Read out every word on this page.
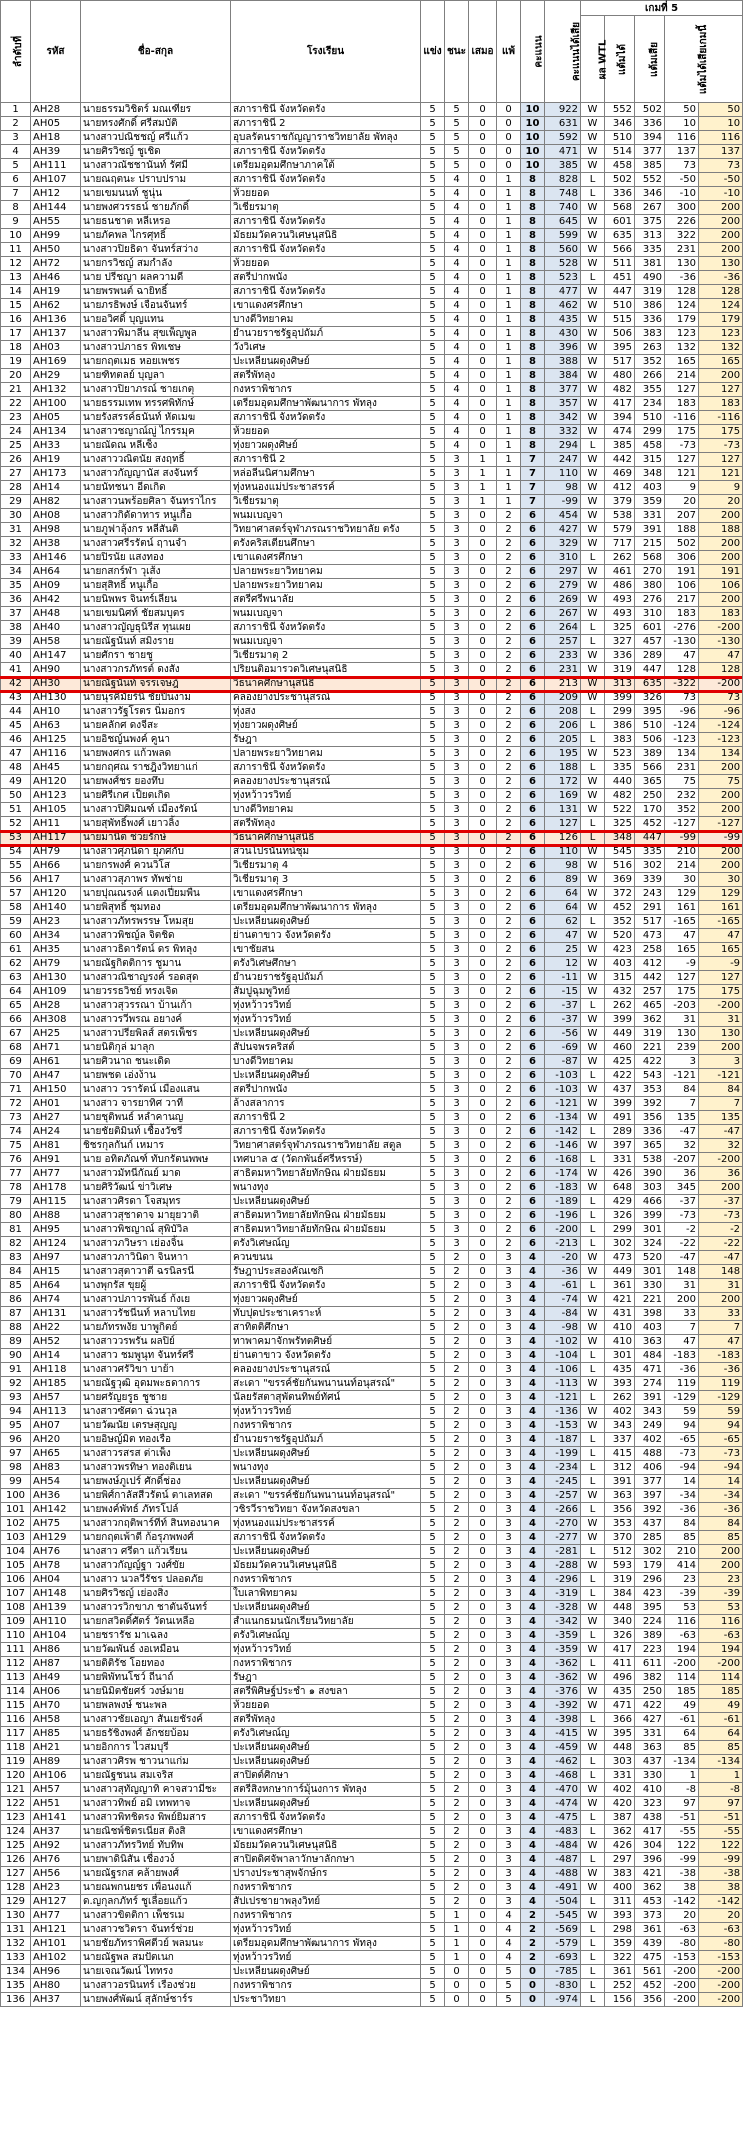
ลำดับที่	รหัส	ชื่อ-สกุล	โรงเรียน	แข่ง	ชนะ	เสมอ	แพ้	คะแนน	คะแนนได้เสีย	เกมที่ 5				
										ผล WTL	แต้มได้	แต้มเสีย	แต้มได้เสียเกมนี้	
1	AH28	นายธรรมวิชิตร์ มณเฑียร	สภาราชินี จังหวัดตรัง	5	5	0	0	10	922	W	552	502	50	50
2	AH05	นายทรงศักดิ์ ศรีสมบัติ	สภาราชินี 2	5	5	0	0	10	631	W	346	336	10	10
3	AH18	นางสาวปณิชชญ์ ศรีแก้ว	อุบลรัตนราชกัญญาราชวิทยาลัย พัทลุง	5	5	0	0	10	592	W	510	394	116	116
4	AH39	นายศิรวิชญ์ ชูเชิด	สภาราชินี จังหวัดตรัง	5	5	0	0	10	471	W	514	377	137	137
5	AH111	นางสาวณัชชานันท์ รัศมี	เตรียมอุดมศึกษาภาคใต้	5	5	0	0	10	385	W	458	385	73	73
6	AH107	นายณฤตนะ ปราบปราม	สภาราชินี จังหวัดตรัง	5	4	0	1	8	828	L	502	552	-50	-50
7	AH12	นายเขมนนท์ ชูนุ่น	ห้วยยอด	5	4	0	1	8	748	L	336	346	-10	-10
8	AH144	นายพงศวรรธน์ ชายภักดิ์	วิเชียรมาตุ	5	4	0	1	8	740	W	568	267	300	200
9	AH55	นายธนชาต หลีเหรอ	สภาราชินี จังหวัดตรัง	5	4	0	1	8	645	W	601	375	226	200
10	AH99	นายภัคพล ไกรศุทธิ์	มัธยมวัดควนวิเศษนุสนิธิ	5	4	0	1	8	599	W	635	313	322	200
11	AH50	นางสาวปิยธิดา จันทร์สว่าง	สภาราชินี จังหวัดตรัง	5	4	0	1	8	560	W	566	335	231	200
12	AH72	นายกรวิชญ์ สมกำลัง	ห้วยยอด	5	4	0	1	8	528	W	511	381	130	130
13	AH46	นาย ปรีชญา ผลความดี	สตรีปากพนัง	5	4	0	1	8	523	L	451	490	-36	-36
14	AH19	นายพรพนต์ ฉายิทธิ์	สภาราชินี จังหวัดตรัง	5	4	0	1	8	477	W	447	319	128	128
15	AH62	นายภรธิพงษ์ เจือนจันทร์	เขาแดงศรศึกษา	5	4	0	1	8	462	W	510	386	124	124
16	AH136	นายอวิศดิ์ บุญแทน	บางดีวิทยาคม	5	4	0	1	8	435	W	515	336	179	179
17	AH137	นางสาวพิมาลีน สุขเพ็ญพูล	ยำนวยราชรัฐอุปถัมภ์	5	4	0	1	8	430	W	506	383	123	123
18	AH03	นางสาวปภาธร พิทเชษ	วังวิเศษ	5	4	0	1	8	396	W	395	263	132	132
19	AH169	นายกฤตเมธ หอยเพชร	ปะเหลียนผดุงศิษย์	5	4	0	1	8	388	W	517	352	165	165
20	AH29	นายฑิทตลย์ บุญลา	สตรีพัทลุง	5	4	0	1	8	384	W	480	266	214	200
21	AH132	นางสาวปิยาภรณ์ ชายเกตุ	กงหราพิชากร	5	4	0	1	8	377	W	482	355	127	127
22	AH100	นายธรรมเทพ ทรรศพิทักษ์	เตรียมอุดมศึกษาพัฒนาการ พัทลุง	5	4	0	1	8	357	W	417	234	183	183
23	AH05	นายรังสรรค์ธนันท์ หัดเมฆ	สภาราชินี จังหวัดตรัง	5	4	0	1	8	342	W	394	510	-116	-116
24	AH134	นางสาวชญาณ์ญู่ ไกรรมุค	ห้วยยอด	5	4	0	1	8	332	W	474	299	175	175
25	AH33	นายณัดณ หลีเซ็ง	ทุ่งยาวผดุงศิษย์	5	4	0	1	8	294	L	385	458	-73	-73
26	AH19	นางสาววณิตนัย สงฤทธิ์	สภาราชินี 2	5	3	1	1	7	247	W	442	315	127	127
27	AH173	นางสาวกัญญานัส สงจันทร์	หล่อลีนนิศามศึกษา	5	3	1	1	7	110	W	469	348	121	121
28	AH14	นายนัทชนา อีดเกิด	ทุ่งหนองแม่ประชาสรรค์	5	3	1	1	7	98	W	412	403	9	9
29	AH82	นางสาวนพร้อยศิลา จันทราไกร	วิเชียรมาตุ	5	3	1	1	7	-99	W	379	359	20	20
30	AH08	นางสาวกิดัดาทาร หนูเกื้อ	พนมเบญจา	5	3	0	2	6	454	W	538	331	207	200
31	AH98	นายภูฟาลุ้งกร หลีสันติ	วิทยาศาสตร์จุฬาภรณราชวิทยาลัย ตรัง	5	3	0	2	6	427	W	579	391	188	188
32	AH38	นางสาวศรีรรัตน์ ฤานจำ	ตรังคริสเตียนศึกษา	5	3	0	2	6	329	W	717	215	502	200
33	AH146	นายปิรนัย แสงทอง	เขาแดงศรศึกษา	5	3	0	2	6	310	L	262	568	306	200
34	AH64	นายกสกร์ฬา วุเส้ง	ปลายพระยาวิทยาคม	5	3	0	2	6	297	W	461	270	191	191
35	AH09	นายสุสิทธิ์ หนูเกื้อ	ปลายพระยาวิทยาคม	5	3	0	2	6	279	W	486	380	106	106
36	AH42	นายนิพพร จินทร์เลียน	สตรีศรีพนาลัย	5	3	0	2	6	269	W	493	276	217	200
37	AH48	นายเขมนิศท์ ชัยสมบุตร	พนมเบญจา	5	3	0	2	6	267	W	493	310	183	183
38	AH40	นางสาวญัญธุนิรีส ทุนเผย	สภาราชินี จังหวัดตรัง	5	3	0	2	6	264	L	325	601	-276	-200
39	AH58	นายณัฐนันท์ สมิงราย	พนมเบญจา	5	3	0	2	6	257	L	327	457	-130	-130
40	AH147	นายศักรา ชายชู	วิเชียรมาตุ 2	5	3	0	2	6	233	W	336	289	47	47
41	AH90	นางสาวกรภัทรต์ ดงสัง	ปริยนติอมารวดวิเศษนุสนิธิ	5	3	0	2	6	231	W	319	447	128	128
42	AH30	นายณัฐนันท์ จรรเจษฎ์	วิธนาคศึกษานุสนิธิ	5	3	0	2	6	213	W	313	635	-322	-200
43	AH130	นายนุรคิมัยร์นิ ชัยปิ่นงาม	คลองยางประชานุสรณ์	5	3	0	2	6	209	W	399	326	73	73
44	AH10	นางสาวรัฐโรตร นิ่มอกร	ทุ่งสง	5	3	0	2	6	208	L	299	395	-96	-96
45	AH63	นายคลักศ ดงจีสะ	ทุ่งยาวผดุงศิษย์	5	3	0	2	6	206	L	386	510	-124	-124
46	AH125	นายอิชญ์นพงค์ คูนา	รัษฎา	5	3	0	2	6	205	L	383	506	-123	-123
47	AH116	นายพงศกร แก้วพลด	ปลายพระยาวิทยาคม	5	3	0	2	6	195	W	523	389	134	134
48	AH45	นายกฤศณ ราชฎิงวิทยาแก่	สภาราชินี จังหวัดตรัง	5	3	0	2	6	188	L	335	566	231	200
49	AH120	นายพงศ์ชร ยองทึบ	คลองยางประชานุสรณ์	5	3	0	2	6	172	W	440	365	75	75
50	AH123	นายศิรีเกศ เป็ยตเกิด	ทุ่งหว้าวรวิทย์	5	3	0	2	6	169	W	482	250	232	200
51	AH105	นางสาวปิศิมณฑ์ เมืองรัตน์	บางดีวิทยาคม	5	3	0	2	6	131	W	522	170	352	200
52	AH11	นายสุพัทธิ์พงศ์ เยาวลิ้ง	สตรีพัทลุง	5	3	0	2	6	127	L	325	452	-127	-127
53	AH117	นายมานิต ช่วยรักษ์	วิธนาคศึกษานุสนิธิ	5	3	0	2	6	126	L	348	447	-99	-99
54	AH79	นางสาวศุภนิดา ยุภศกับ	สวนโปรนันทน์ชุม	5	3	0	2	6	110	W	545	335	210	200
55	AH66	นายกรพงศ์ ควนวิโส	วิเชียรมาตุ 4	5	3	0	2	6	98	W	516	302	214	200
56	AH17	นางสาวสุภาพร ทัพช่าย	วิเชียรมาตุ 3	5	3	0	2	6	89	W	369	339	30	30
57	AH120	นายปุณณรงค์ แดงเปี่ยมพืน	เขาแดงศรศึกษา	5	3	0	2	6	64	W	372	243	129	129
58	AH140	นายพิสุทธิ์ ชุมทอง	เตรียมอุดมศึกษาพัฒนาการ พัทลุง	5	3	0	2	6	64	W	452	291	161	161
59	AH23	นางสาวภัทรพรรษ โหมสุย	ปะเหลียนผดุงศิษย์	5	3	0	2	6	62	L	352	517	-165	-165
60	AH34	นางสาวพิชญ์ล จิตชิด	ย่านตาขาว จังหวัดตรัง	5	3	0	2	6	47	W	520	473	47	47
61	AH35	นางสาวธิดารัตน์ ดร พิทลุง	เขาชัยสน	5	3	0	2	6	25	W	423	258	165	165
62	AH79	นายณัฐกิตติการ ชูมาน	ตรังวิเศษศึกษา	5	3	0	2	6	12	W	403	412	-9	-9
63	AH130	นางสาวณิชาญรงค์ รอดสุด	ยำนวยราชรัฐอุปถัมภ์	5	3	0	2	6	-11	W	315	442	127	127
64	AH109	นายวรรธวิชย์ ทรงเจิด	สัมปูฉุมพูวิทย์	5	3	0	2	6	-15	W	432	257	175	175
65	AH28	นางสาวสุวรรณา บ้านเก้า	ทุ่งหว้าวรวิทย์	5	3	0	2	6	-37	L	262	465	-203	-200
66	AH308	นางสาวรวีพรณ อยางค์	ทุ่งหว้าวรวิทย์	5	3	0	2	6	-37	W	399	362	31	31
67	AH25	นางสาวปรียพิลส์ สตรเพ็ชร	ปะเหลียนผดุงศิษย์	5	3	0	2	6	-56	W	449	319	130	130
68	AH71	นายนิติกุล่ มาลุก	สัปนจพรคริสต์	5	3	0	2	6	-69	W	460	221	239	200
69	AH61	นายศิวนาถ ชนะเดิด	บางดีวิทยาคม	5	3	0	2	6	-87	W	425	422	3	3
70	AH47	นายพชด เอ่งง้าน	ปะเหลียนผดุงศิษย์	5	3	0	2	6	-103	L	422	543	-121	-121
71	AH150	นางสาว วรารัตน์ เมืองแสน	สตรีปากพนัง	5	3	0	2	6	-103	W	437	353	84	84
72	AH01	นางสาว จารยาทิศ วาที	ล้างสลาการ	5	3	0	2	6	-121	W	399	392	7	7
73	AH27	นายชุติพนธ์ หลำคานญ	สภาราชินี 2	5	3	0	2	6	-134	W	491	356	135	135
74	AH24	นายชัยติมินท์ เชื้องวัชรี	สภาราชินี จังหวัดตรัง	5	3	0	2	6	-142	L	289	336	-47	-47
75	AH81	ชิชรกุลกันก์ เหมาร	วิทยาศาสตร์จุฬาภรณราชวิทยาลัย สตูล	5	3	0	2	6	-146	W	397	365	32	32
76	AH91	นาย อทิตภัณฑ์ ทับกรัตนพพษ	เทศบาล ๕ (วัดกพันธ์ศรีหรรษ์)	5	3	0	2	6	-168	L	331	538	-207	-200
77	AH77	นางสาวมัทนีกัณย์ มาด	สาธิตมหาวิทยาลัยทักษิณ ฝ่ายมัธยม	5	3	0	2	6	-174	W	426	390	36	36
78	AH178	นายศิริวัฒน์ ข่าวิเศษ	พนางทุง	5	3	0	2	6	-183	W	648	303	345	200
79	AH115	นางสาวศิรดา โจสมุทร	ปะเหลียนผดุงศิษย์	5	3	0	2	6	-189	L	429	466	-37	-37
80	AH88	นางสาวสุชาดาจ มายุยวาติ	สาธิตมหาวิทยาลัยทักษิณ ฝ่ายมัธยม	5	3	0	2	6	-196	L	326	399	-73	-73
81	AH95	นางสาวพิชญาณ์ สุพิบัวิล	สาธิตมหาวิทยาลัยทักษิณ ฝ่ายมัธยม	5	3	0	2	6	-200	L	299	301	-2	-2
82	AH124	นางสาวภวิษรา เย่องจิ้น	ตรังวิเศษณ์ญ	5	3	0	2	6	-213	L	302	324	-22	-22
83	AH97	นางสาวภาวินิดา จินหาา	ควนขนน	5	2	0	3	4	-20	W	473	520	-47	-47
84	AH15	นางสาวสุตาวาตี ฉรนิลรนี	รัษฎาประสองคัณเซกิ	5	2	0	3	4	-36	W	449	301	148	148
85	AH64	นางพุกรัส ขุยผู้	สภาราชินี จังหวัดตรัง	5	2	0	3	4	-61	L	361	330	31	31
86	AH74	นางสาวปภาวรพันธ์ ก้งเย	ทุ่งยาวผดุงศิษย์	5	2	0	3	4	-74	W	421	221	200	200
87	AH131	นางสาวรัชนีนท์ หลาบไทย	ทับปุดประชาเคราะห์	5	2	0	3	4	-84	W	431	398	33	33
88	AH22	นายภัทรพงัย บาพูกิตย์	สาทิตติศึกษา	5	2	0	3	4	-98	W	410	403	7	7
89	AH52	นางสาววรพรัน ผลปิย์	ทาพาคมาจักพรัทตศิษย์	5	2	0	3	4	-102	W	410	363	47	47
90	AH14	นางสาว ชมพูนุท จันทร์ศรี	ย่านตาขาว จังหวัดตรัง	5	2	0	3	4	-104	L	301	484	-183	-183
91	AH118	นางสาวศรัวิขา บาย้า	คลองยางประชานุสรณ์	5	2	0	3	4	-106	L	435	471	-36	-36
92	AH185	นายณัฐวุฒิ อุดมพะธดาการ	สะเดา "ขรรค์ชัยกันพนานนท์อนุสรณ์"	5	2	0	3	4	-113	W	393	274	119	119
93	AH57	นายศรัญยรูธ ชูชาย	นัลยรัสตาสุพัตนทิพย์ทัศน์	5	2	0	3	4	-121	L	262	391	-129	-129
94	AH113	นางสาวซัศดา ฉ่วนวุล	ทุ่งหว้าวรวิทย์	5	2	0	3	4	-136	W	402	343	59	59
95	AH07	นายวัฒนัย เตรษสุญญ	กงหราพิชากร	5	2	0	3	4	-153	W	343	249	94	94
96	AH20	นายอิษญ์มิต ทองเรือ	ยำนวยราชรัฐอุปถัมภ์	5	2	0	3	4	-187	L	337	402	-65	-65
97	AH65	นางสาวรสรส ต่าเพ็ง	ปะเหลียนผดุงศิษย์	5	2	0	3	4	-199	L	415	488	-73	-73
98	AH83	นางสาวพรทิษา ทองติเยน	พนางทุง	5	2	0	3	4	-234	L	312	406	-94	-94
99	AH54	นายพงษ์ภูเปร์ ศักดิ์ช่อง	ปะเหลียนผดุงศิษย์	5	2	0	3	4	-245	L	391	377	14	14
100	AH36	นายพิศ์กาลัสสีวรัตน์ ตาเลทสด	สะเดา "ขรรค์ชัยกันพนานนท์อนุสรณ์"	5	2	0	3	4	-257	W	363	397	-34	-34
101	AH142	นายพงค์พัทธ์ ภัทรโปล์	วชิรวีราชวิทยา จังหวัดสงขลา	5	2	0	3	4	-266	L	356	392	-36	-36
102	AH75	นางสาวกฤติพาร์ทีท์ สินทองนาค	ทุ่งหนองแม่ประชาสรรค์	5	2	0	3	4	-270	W	353	437	84	84
103	AH129	นายกฤตเพ้าตี ก้อรุภพพงศ์	สภาราชินี จังหวัดตรัง	5	2	0	3	4	-277	W	370	285	85	85
104	AH76	นางสาว ศรีดา แก้วเรียน	ปะเหลียนผดุงศิษย์	5	2	0	3	4	-281	L	512	302	210	200
105	AH78	นางสาวกัญญ์ฐา วงศ์ขัย	มัธยมวัดควนวิเศษนุสนิธิ	5	2	0	3	4	-288	W	593	179	414	200
106	AH04	นางสาว นวลวีรัชร ปลอดภัย	กงหราพิชากร	5	2	0	3	4	-296	L	319	296	23	23
107	AH148	นายศิรวิชญ์ เย่องสิ่ง	ใบเลาพิทยาคม	5	2	0	3	4	-319	L	384	423	-39	-39
108	AH139	นางสาวรวิกขาภ ชาตันจันทร์	ปะเหลียนผดุงศิษย์	5	2	0	3	4	-328	W	448	395	53	53
109	AH110	นายกสวิดดิ์ศัตร์ วัดนเหลือ	สำแนกธมนนักเรียนวิทยาลัย	5	2	0	3	4	-342	W	340	224	116	116
110	AH104	นายชรารัช มาเฉลง	ตรังวิเศษณ์ญ	5	2	0	3	4	-359	L	326	389	-63	-63
111	AH86	นายวัฒพันธ์ งอเหมือน	ทุ่งหว้าวรวิทย์	5	2	0	3	4	-359	W	417	223	194	194
112	AH87	นายติติรัช โอยทอง	กงหราพิชากร	5	2	0	3	4	-362	L	411	611	-200	-200
113	AH49	นายพิพัทนโชว์ ถีนาถ์	รัษฎา	5	2	0	3	4	-362	W	496	382	114	114
114	AH06	นายนิมิตชัยศร์ วงษ์มาย	สตรีพิศิษฐ์ประชำ ๑ สงขลา	5	2	0	3	4	-376	W	435	250	185	185
115	AH70	นายพลพงษ์ ชนะพล	ห้วยยอด	5	2	0	3	4	-392	W	471	422	49	49
116	AH58	นางสาวชัยเอญา สันเยชัรงค์	สตรีพัทลุง	5	2	0	3	4	-398	L	366	427	-61	-61
117	AH85	นายธรัชิงพงศ์ อักชยบ้อม	ตรังวิเศษณ์ญ	5	2	0	3	4	-415	W	395	331	64	64
118	AH21	นายอิกการ ไวสมบุรี	ปะเหลียนผดุงศิษย์	5	2	0	3	4	-459	W	448	363	85	85
119	AH89	นางสาวศิรพ ชาวนาแก่ม	ปะเหลียนผดุงศิษย์	5	2	0	3	4	-462	L	303	437	-134	-134
120	AH106	นายณัฐชนน สมเจริส	สาปิตต์ศิกษา	5	2	0	3	4	-468	L	331	330	1	1
121	AH57	นางสาวสุทัญญาทิ คาจสวามีชะ	สตรีสิงหกษาการ์มุ้นงการ พัทลุง	5	2	0	3	4	-470	W	402	410	-8	-8
122	AH51	นางสาวทิพย์ อมิ เทพทาจ	ปะเหลียนผดุงศิษย์	5	2	0	3	4	-474	W	420	323	97	97
123	AH141	นางสาวพิทชิตรง พิพย์ยิมสาร	สภาราชินี จังหวัดตรัง	5	2	0	3	4	-475	L	387	438	-51	-51
124	AH37	นายณิชพ์ชิตรเนียส ติงสิ	เขาแดงศรศึกษา	5	2	0	3	4	-483	L	362	417	-55	-55
125	AH92	นางสาวภัทรวิทย์ ทับทิพ	มัธยมวัดควนวิเศษนุสนิธิ	5	2	0	3	4	-484	W	426	304	122	122
126	AH76	นายพาดินิสัน เชื่องวง์	สาปิตดิศจัพาลาวักษาลักกษา	5	2	0	3	4	-487	L	297	396	-99	-99
127	AH56	นายณัฐรกส คล้ายพงศ์	ปรางประชาสุพจักษ์กร	5	2	0	3	4	-488	W	383	421	-38	-38
128	AH23	นายณพกนยชร เพื่อนงแก้	กงหราพิชากร	5	2	0	3	4	-491	W	400	362	38	38
129	AH127	ด.ญกุลกภัทร์ ชูเลื่อยแก้ว	สัปเปรชายาพลุงวิทย์	5	2	0	3	4	-504	L	311	453	-142	-142
130	AH77	นางสาวขิตติกา เพ็ชรเม	กงหราพิชากร	5	1	0	4	2	-545	W	393	373	20	20
131	AH121	นางสาวชวิตรา จันทร์ช่วย	ทุ่งหว้าวรวิทย์	5	1	0	4	2	-569	L	298	361	-63	-63
132	AH101	นายชัยภัทราพิศตีวย์ พลมนะ	เตรียมอุดมศึกษาพัฒนาการ พัทลุง	5	1	0	4	2	-579	L	359	439	-80	-80
133	AH102	นายณัฐพล สมปัตเนก	ทุ่งหว้าวรวิทย์	5	1	0	4	2	-693	L	322	475	-153	-153
134	AH96	นายเจณวัฒน์ ไททรง	ปะเหลียนผดุงศิษย์	5	0	0	5	0	-785	L	361	561	-200	-200
135	AH80	นางสาวอรนินทร์ เรืองช่วย	กงหราพิชากร	5	0	0	5	0	-830	L	252	452	-200	-200
136	AH37	นายพงศ์พัฒน์ สุลักษ์ชาร์ร	ประชาวิทยา	5	0	0	5	0	-974	L	156	356	-200	-200
